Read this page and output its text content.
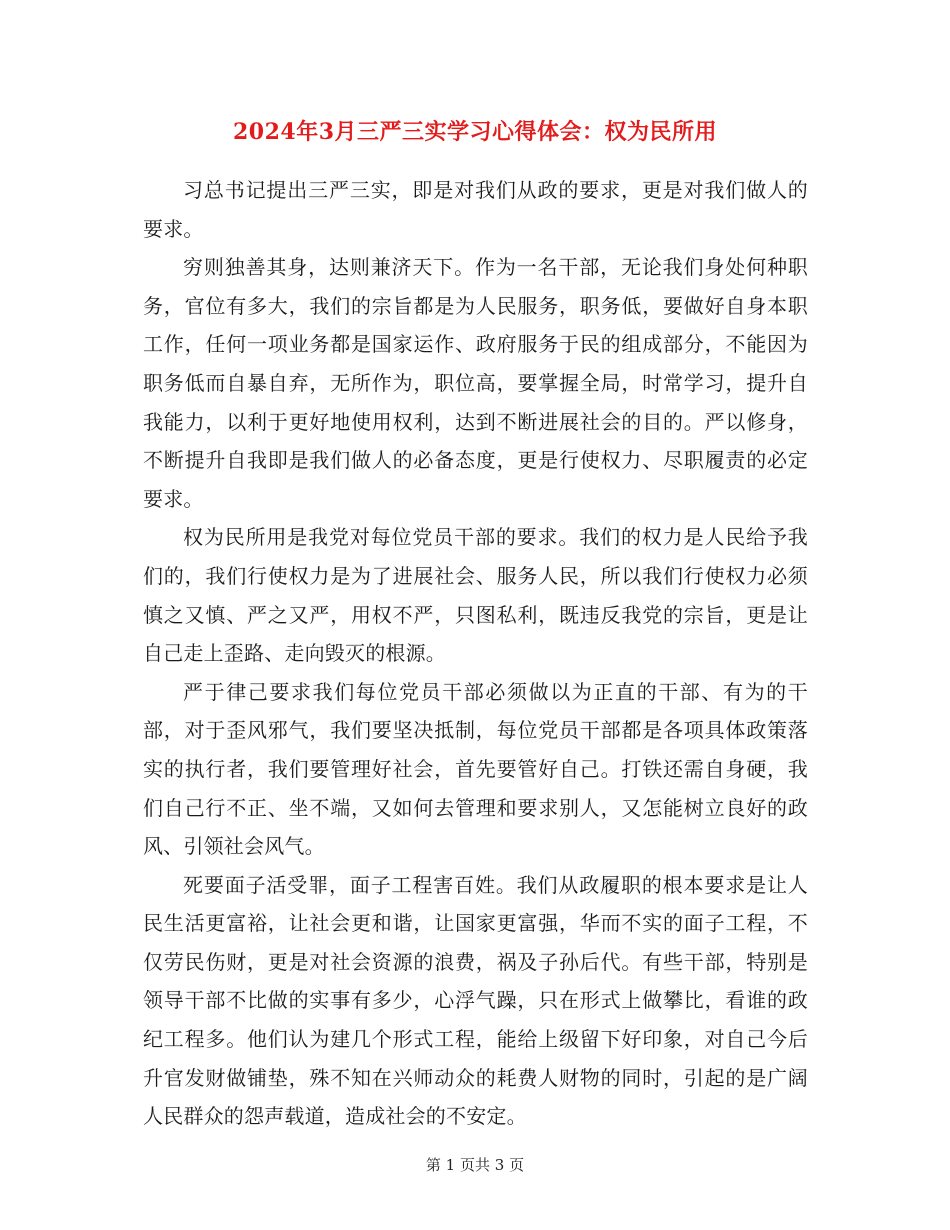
2024年3月三严三实学习心得体会：权为民所用

习总书记提出三严三实，即是对我们从政的要求，更是对我们做人的要求。

穷则独善其身，达则兼济天下。作为一名干部，无论我们身处何种职务，官位有多大，我们的宗旨都是为人民服务，职务低，要做好自身本职工作，任何一项业务都是国家运作、政府服务于民的组成部分，不能因为职务低而自暴自弃，无所作为，职位高，要掌握全局，时常学习，提升自我能力，以利于更好地使用权利，达到不断进展社会的目的。严以修身，不断提升自我即是我们做人的必备态度，更是行使权力、尽职履责的必定要求。

权为民所用是我党对每位党员干部的要求。我们的权力是人民给予我们的，我们行使权力是为了进展社会、服务人民，所以我们行使权力必须慎之又慎、严之又严，用权不严，只图私利，既违反我党的宗旨，更是让自己走上歪路、走向毁灭的根源。

严于律己要求我们每位党员干部必须做以为正直的干部、有为的干部，对于歪风邪气，我们要坚决抵制，每位党员干部都是各项具体政策落实的执行者，我们要管理好社会，首先要管好自己。打铁还需自身硬，我们自己行不正、坐不端，又如何去管理和要求别人，又怎能树立良好的政风、引领社会风气。

死要面子活受罪，面子工程害百姓。我们从政履职的根本要求是让人民生活更富裕，让社会更和谐，让国家更富强，华而不实的面子工程，不仅劳民伤财，更是对社会资源的浪费，祸及子孙后代。有些干部，特别是领导干部不比做的实事有多少，心浮气躁，只在形式上做攀比，看谁的政纪工程多。他们认为建几个形式工程，能给上级留下好印象，对自己今后升官发财做铺垫，殊不知在兴师动众的耗费人财物的同时，引起的是广阔人民群众的怨声载道，造成社会的不安定。

第 1 页共 3 页
